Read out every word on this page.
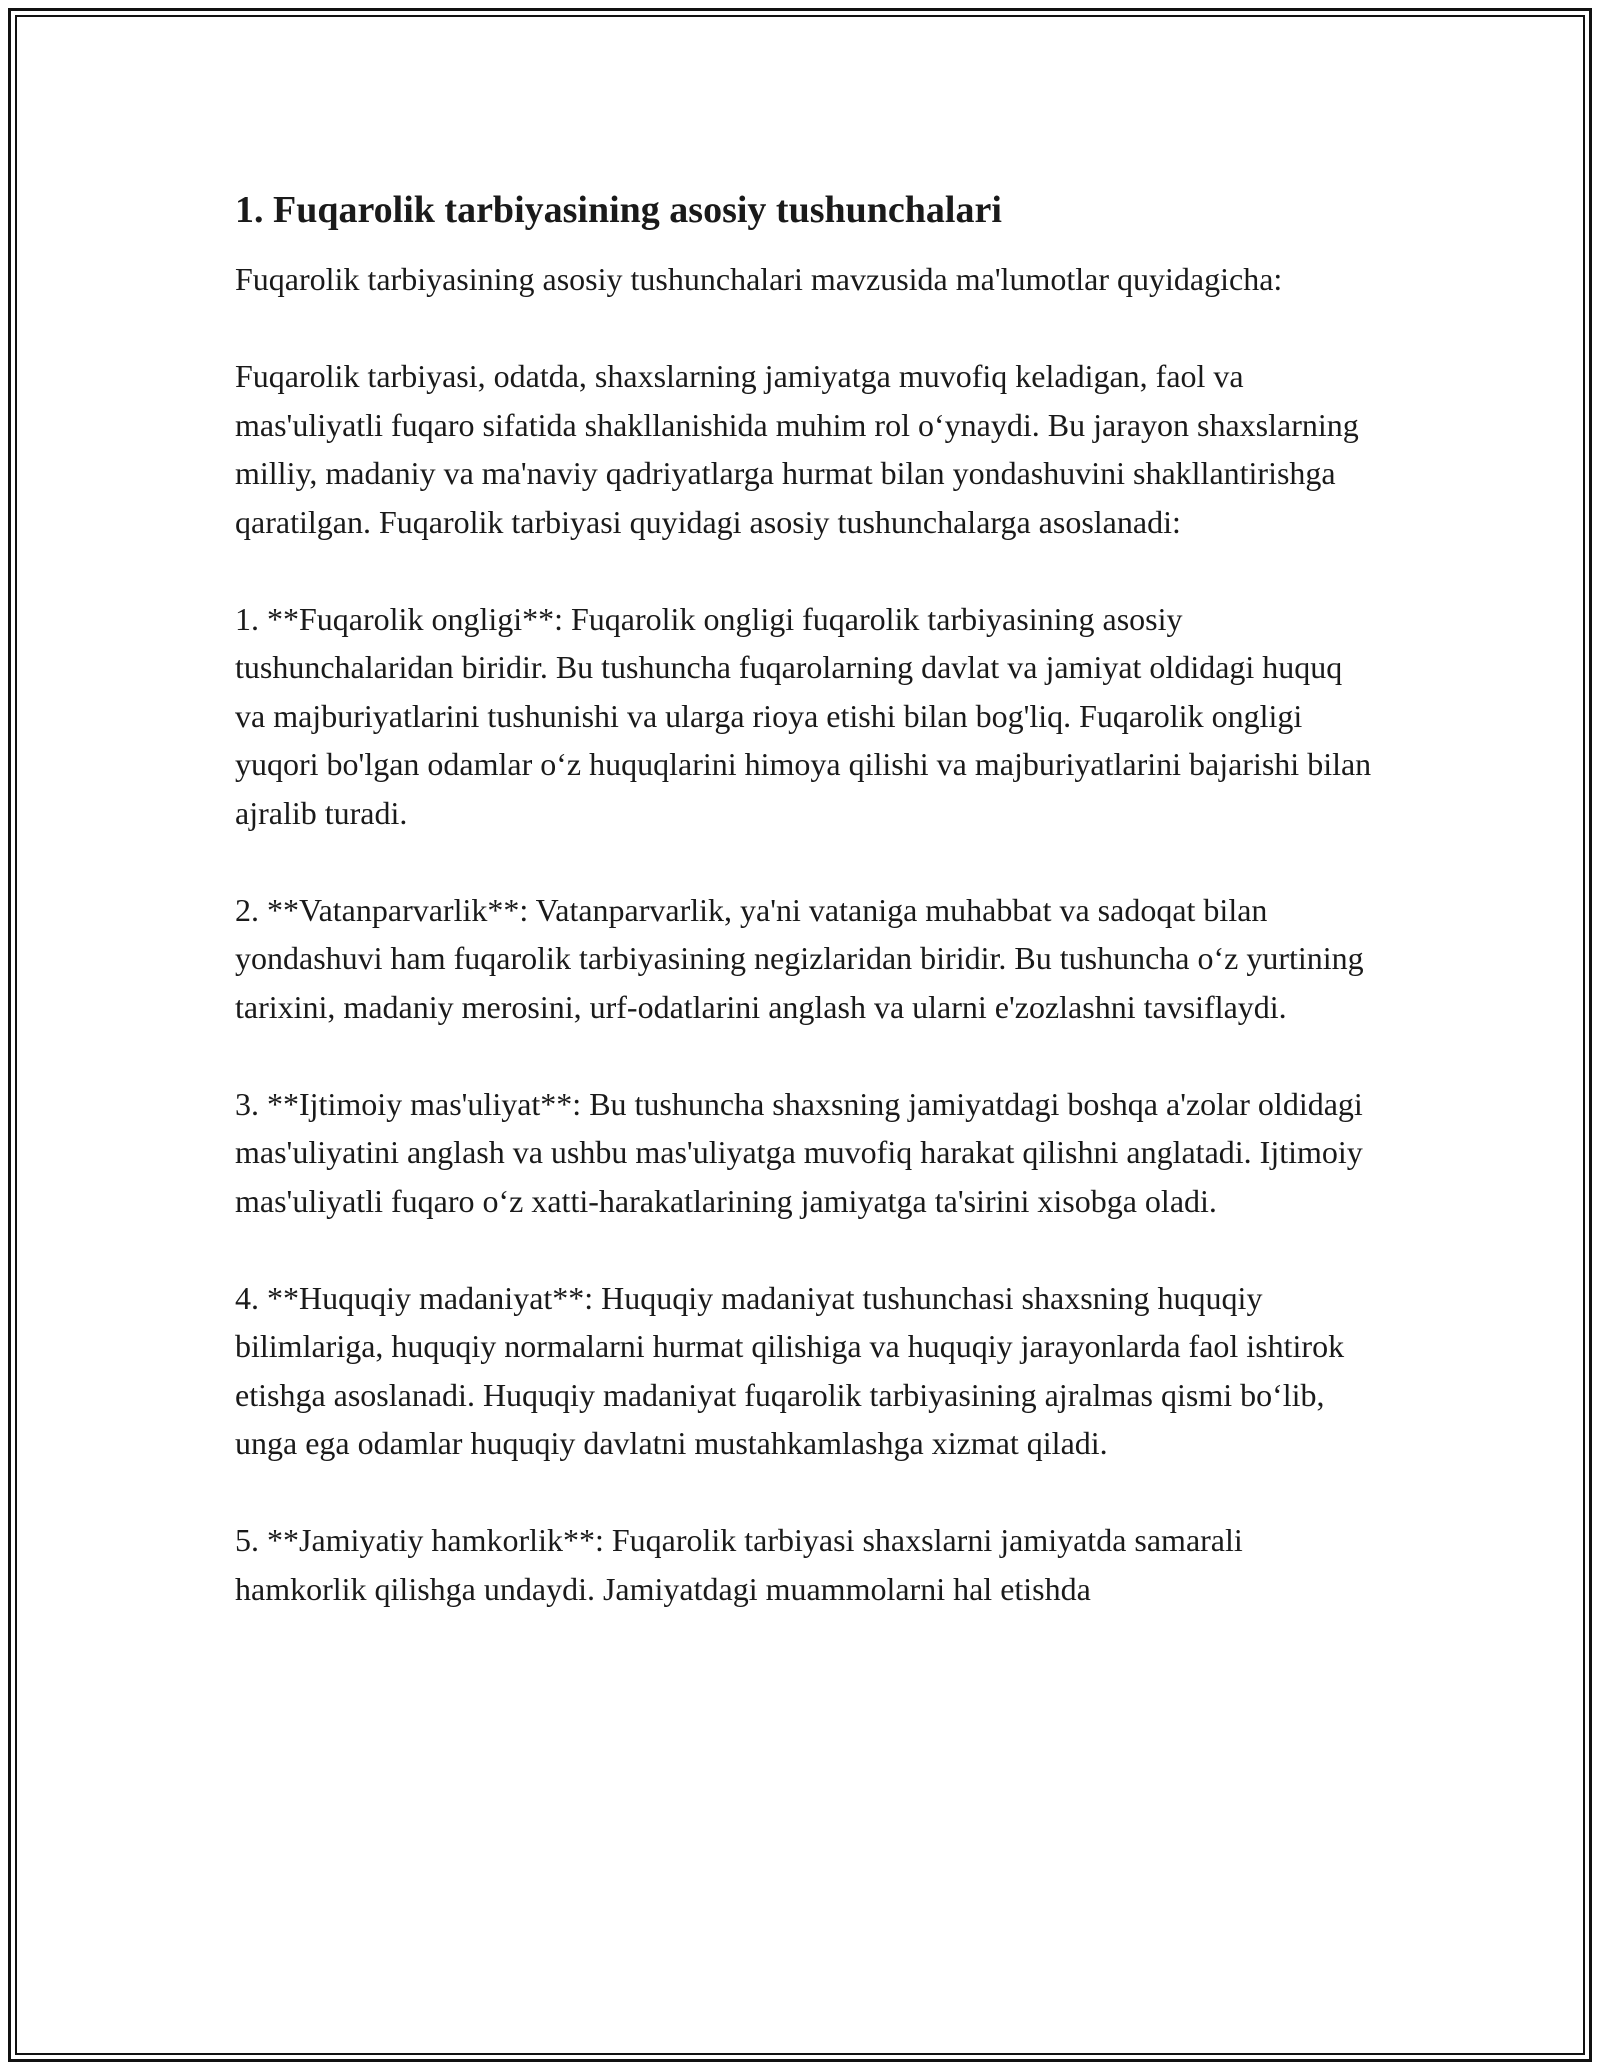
1. Fuqarolik tarbiyasining asosiy tushunchalari

Fuqarolik tarbiyasining asosiy tushunchalari mavzusida ma'lumotlar quyidagicha:

Fuqarolik tarbiyasi, odatda, shaxslarning jamiyatga muvofiq keladigan, faol va mas'uliyatli fuqaro sifatida shakllanishida muhim rol o‘ynaydi. Bu jarayon shaxslarning milliy, madaniy va ma'naviy qadriyatlarga hurmat bilan yondashuvini shakllantirishga qaratilgan. Fuqarolik tarbiyasi quyidagi asosiy tushunchalarga asoslanadi:

1. **Fuqarolik ongligi**: Fuqarolik ongligi fuqarolik tarbiyasining asosiy tushunchalaridan biridir. Bu tushuncha fuqarolarning davlat va jamiyat oldidagi huquq va majburiyatlarini tushunishi va ularga rioya etishi bilan bog'liq. Fuqarolik ongligi yuqori bo'lgan odamlar o‘z huquqlarini himoya qilishi va majburiyatlarini bajarishi bilan ajralib turadi.

2. **Vatanparvarlik**: Vatanparvarlik, ya'ni vataniga muhabbat va sadoqat bilan yondashuvi ham fuqarolik tarbiyasining negizlaridan biridir. Bu tushuncha o‘z yurtining tarixini, madaniy merosini, urf-odatlarini anglash va ularni e'zozlashni tavsiflaydi.

3. **Ijtimoiy mas'uliyat**: Bu tushuncha shaxsning jamiyatdagi boshqa a'zolar oldidagi mas'uliyatini anglash va ushbu mas'uliyatga muvofiq harakat qilishni anglatadi. Ijtimoiy mas'uliyatli fuqaro o‘z xatti-harakatlarining jamiyatga ta'sirini xisobga oladi.

4. **Huquqiy madaniyat**: Huquqiy madaniyat tushunchasi shaxsning huquqiy bilimlariga, huquqiy normalarni hurmat qilishiga va huquqiy jarayonlarda faol ishtirok etishga asoslanadi. Huquqiy madaniyat fuqarolik tarbiyasining ajralmas qismi bo‘lib, unga ega odamlar huquqiy davlatni mustahkamlashga xizmat qiladi.

5. **Jamiyatiy hamkorlik**: Fuqarolik tarbiyasi shaxslarni jamiyatda samarali hamkorlik qilishga undaydi. Jamiyatdagi muammolarni hal etishda
